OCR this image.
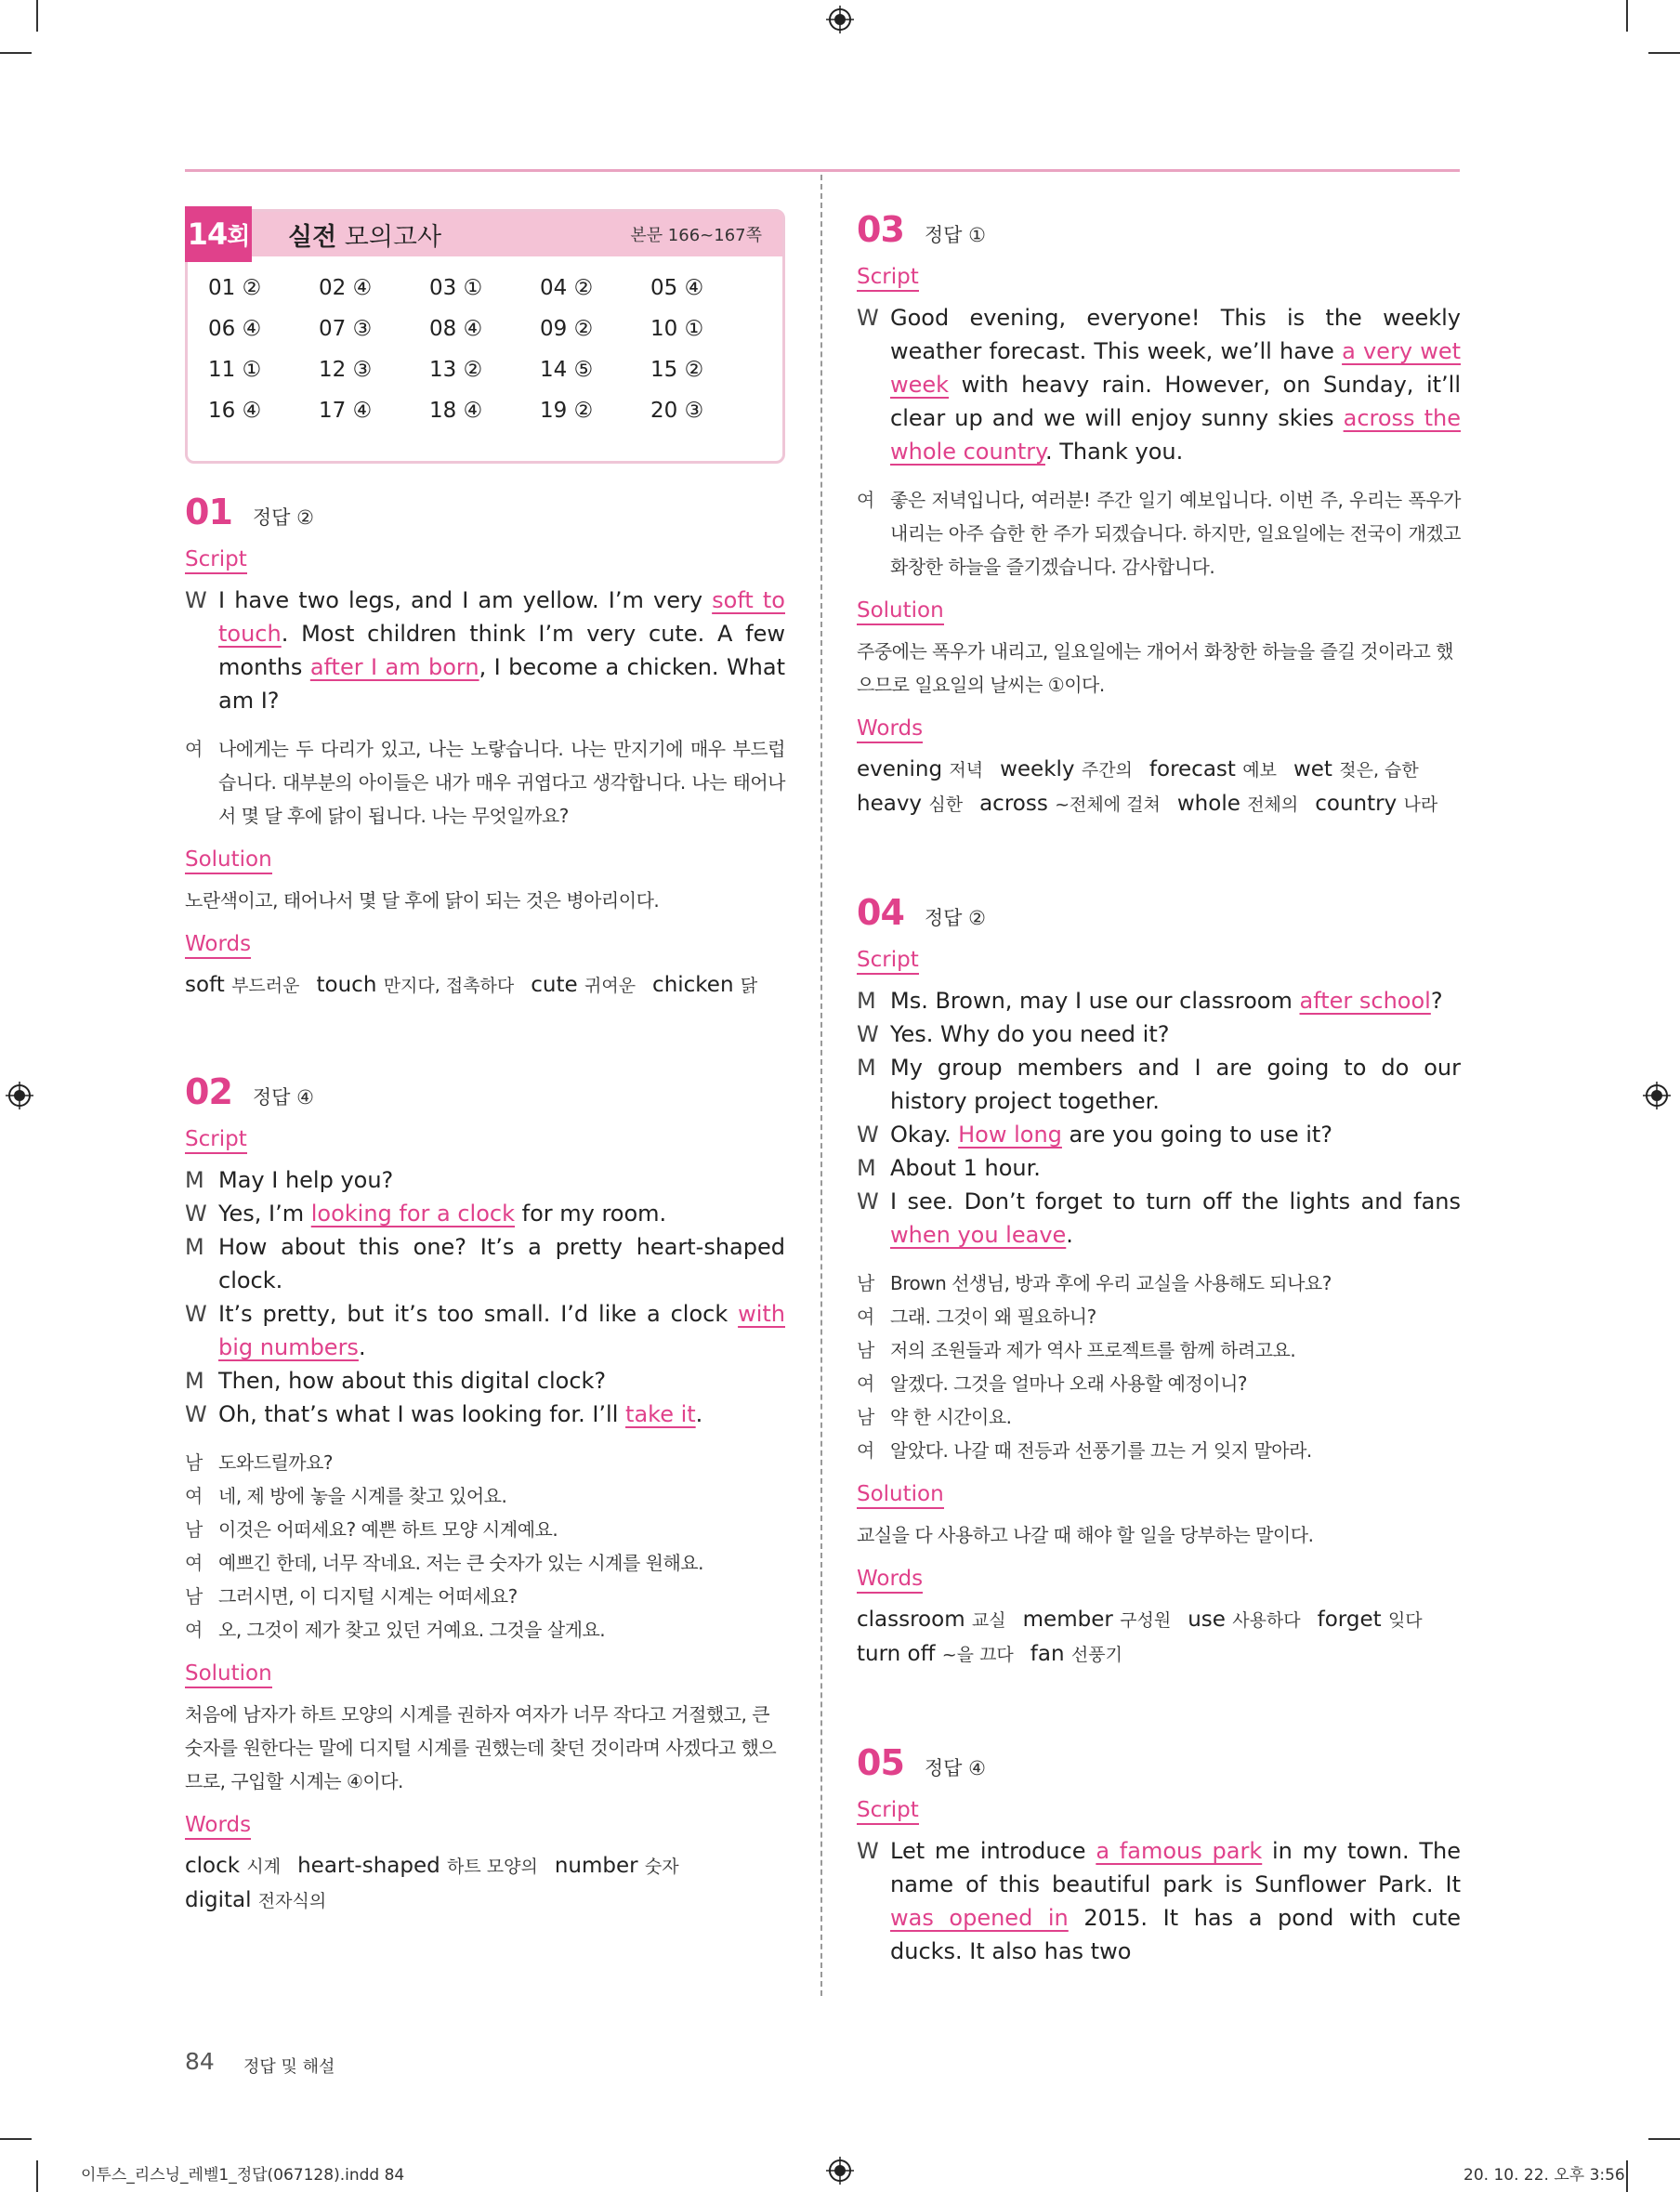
14 회 실전 모의고사	본문 166~167쪽
01 ②	02 ④	03 ①	04 ②	05 ④
06 ④	07 ③	08 ④	09 ②	10 ①
11 ①	12 ③	13 ②	14 ⑤	15 ②
16 ④	17 ④	18 ④	19 ②	20 ③
01 정답 ②
Script
W I have two legs, and I am yellow. I’m very soft to touch. Most children think I’m very cute. A few months after I am born, I become a chicken. What am I?
여 나에게는 두 다리가 있고, 나는 노랗습니다. 나는 만지기에 매우 부드럽습니다. 대부분의 아이들은 내가 매우 귀엽다고 생각합니다. 나는 태어나서 몇 달 후에 닭이 됩니다. 나는 무엇일까요?
Solution
노란색이고, 태어나서 몇 달 후에 닭이 되는 것은 병아리이다.
Words
soft 부드러운 touch 만지다, 접촉하다 cute 귀여운 chicken 닭
02 정답 ④
Script
M May I help you?
W Yes, I’m looking for a clock for my room.
M How about this one? It’s a pretty heart-shaped clock.
W It’s pretty, but it’s too small. I’d like a clock with big numbers.
M Then, how about this digital clock?
W Oh, that’s what I was looking for. I’ll take it.
남 도와드릴까요?
여 네, 제 방에 놓을 시계를 찾고 있어요.
남 이것은 어떠세요? 예쁜 하트 모양 시계예요.
여 예쁘긴 한데, 너무 작네요. 저는 큰 숫자가 있는 시계를 원해요.
남 그러시면, 이 디지털 시계는 어떠세요?
여 오, 그것이 제가 찾고 있던 거예요. 그것을 살게요.
Solution
처음에 남자가 하트 모양의 시계를 권하자 여자가 너무 작다고 거절했고, 큰 숫자를 원한다는 말에 디지털 시계를 권했는데 찾던 것이라며 사겠다고 했으므로, 구입할 시계는 ④이다.
Words
clock 시계 heart-shaped 하트 모양의 number 숫자
digital 전자식의
03 정답 ①
Script
W Good evening, everyone! This is the weekly weather forecast. This week, we’ll have a very wet week with heavy rain. However, on Sunday, it’ll clear up and we will enjoy sunny skies across the whole country. Thank you.
여 좋은 저녁입니다, 여러분! 주간 일기 예보입니다. 이번 주, 우리는 폭우가 내리는 아주 습한 한 주가 되겠습니다. 하지만, 일요일에는 전국이 개겠고 화창한 하늘을 즐기겠습니다. 감사합니다.
Solution
주중에는 폭우가 내리고, 일요일에는 개어서 화창한 하늘을 즐길 것이라고 했으므로 일요일의 날씨는 ①이다.
Words
evening 저녁 weekly 주간의 forecast 예보 wet 젖은, 습한
heavy 심한 across ~전체에 걸쳐 whole 전체의 country 나라
04 정답 ②
Script
M Ms. Brown, may I use our classroom after school?
W Yes. Why do you need it?
M My group members and I are going to do our history project together.
W Okay. How long are you going to use it?
M About 1 hour.
W I see. Don’t forget to turn off the lights and fans when you leave.
남 Brown 선생님, 방과 후에 우리 교실을 사용해도 되나요?
여 그래. 그것이 왜 필요하니?
남 저의 조원들과 제가 역사 프로젝트를 함께 하려고요.
여 알겠다. 그것을 얼마나 오래 사용할 예정이니?
남 약 한 시간이요.
여 알았다. 나갈 때 전등과 선풍기를 끄는 거 잊지 말아라.
Solution
교실을 다 사용하고 나갈 때 해야 할 일을 당부하는 말이다.
Words
classroom 교실 member 구성원 use 사용하다 forget 잊다
turn off ~을 끄다 fan 선풍기
05 정답 ④
Script
W Let me introduce a famous park in my town. The name of this beautiful park is Sunflower Park. It was opened in 2015. It has a pond with cute ducks. It also has two
84 정답 및 해설
이투스_리스닝_레벨1_정답(067128).indd 84	20. 10. 22. 오후 3:56
